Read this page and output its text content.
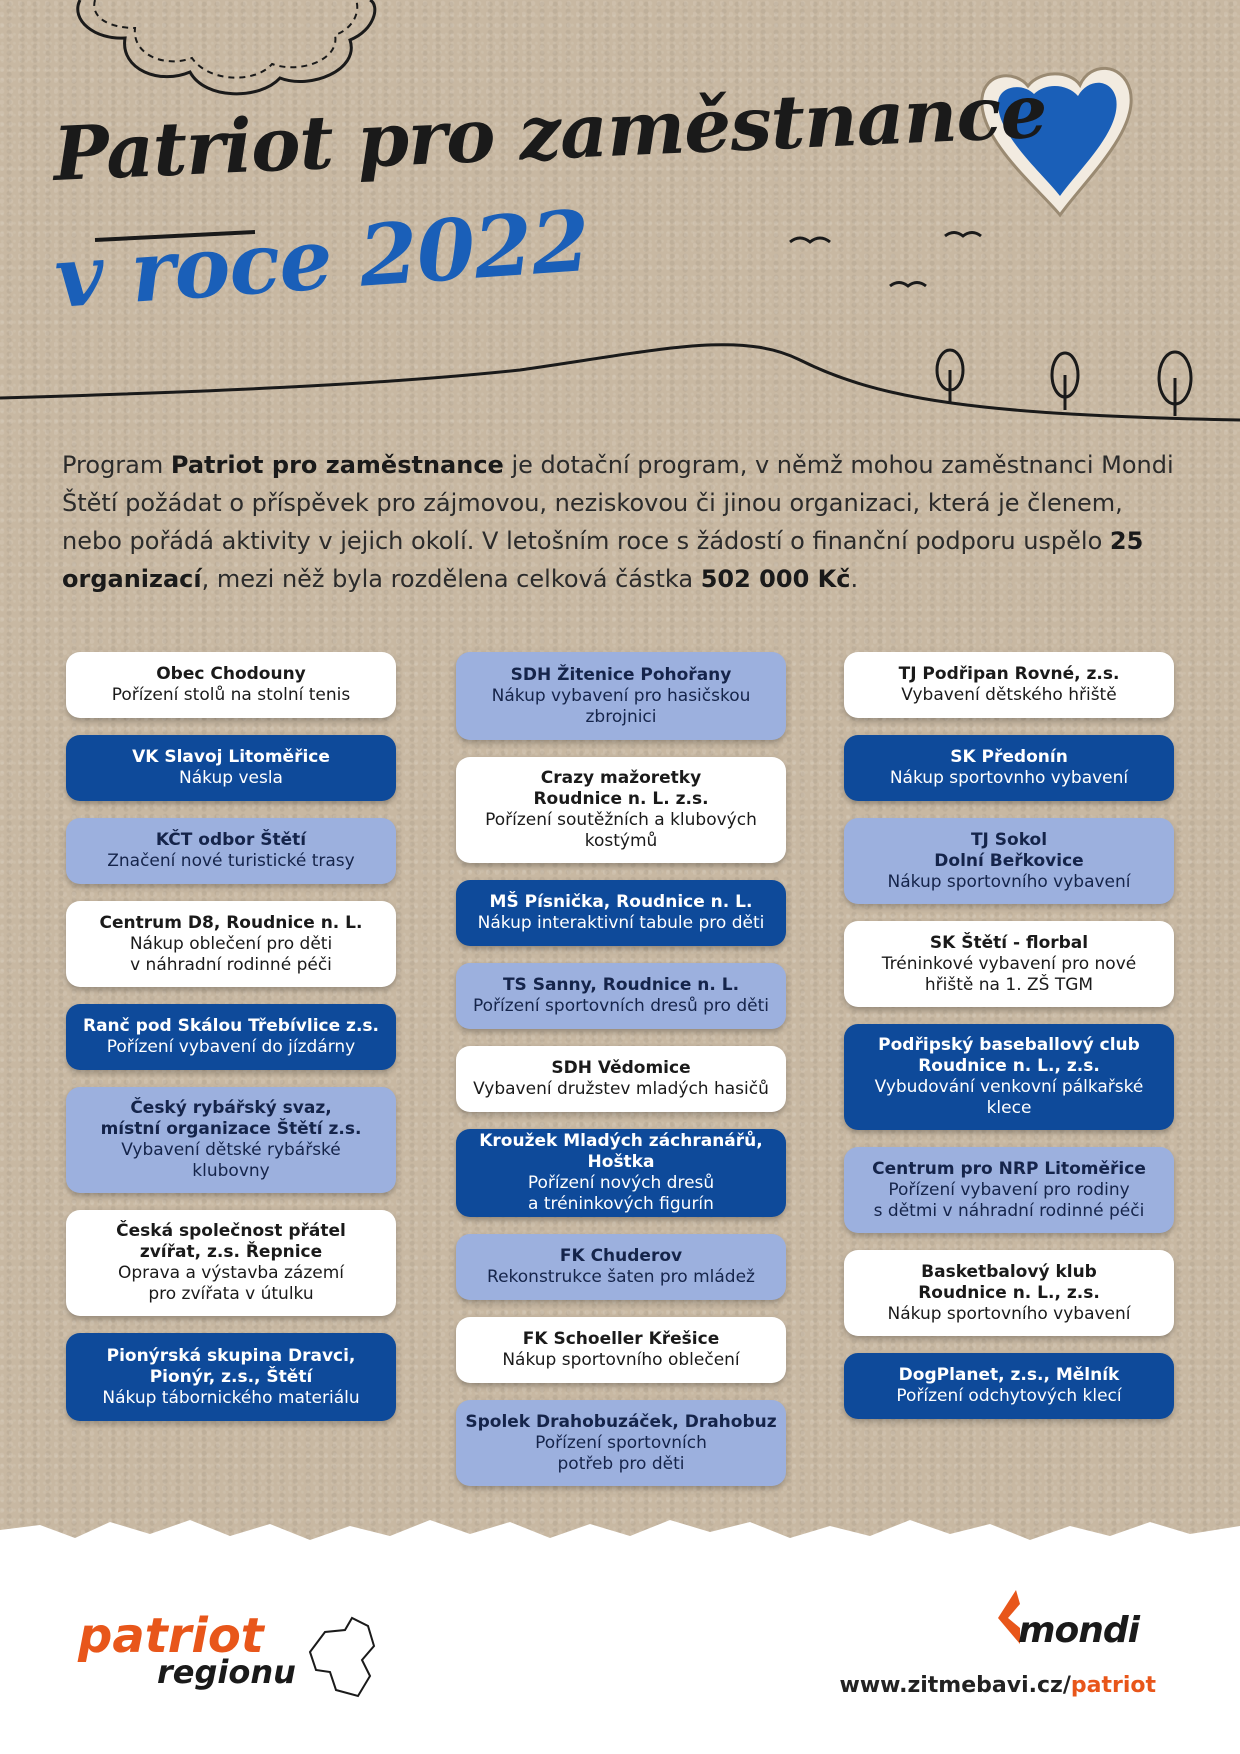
Patriot pro zaměstnance
v roce 2022

Program Patriot pro zaměstnance je dotační program, v němž mohou zaměstnanci Mondi Štětí požádat o příspěvek pro zájmovou, neziskovou či jinou organizaci, která je členem, nebo pořádá aktivity v jejich okolí. V letošním roce s žádostí o finanční podporu uspělo 25 organizací, mezi něž byla rozdělena celková částka 502 000 Kč.

Obec Chodouny
Pořízení stolů na stolní tenis
VK Slavoj Litoměřice
Nákup vesla
KČT odbor Štětí
Značení nové turistické trasy
Centrum D8, Roudnice n. L.
Nákup oblečení pro děti
v náhradní rodinné péči
Ranč pod Skálou Třebívlice z.s.
Pořízení vybavení do jízdárny
Český rybářský svaz,
místní organizace Štětí z.s.
Vybavení dětské rybářské
klubovny
Česká společnost přátel
zvířat, z.s. Řepnice
Oprava a výstavba zázemí
pro zvířata v útulku
Pionýrská skupina Dravci,
Pionýr, z.s., Štětí
Nákup tábornického materiálu
SDH Žitenice Pohořany
Nákup vybavení pro hasičskou
zbrojnici
Crazy mažoretky
Roudnice n. L. z.s.
Pořízení soutěžních a klubových
kostýmů
MŠ Písnička, Roudnice n. L.
Nákup interaktivní tabule pro děti
TS Sanny, Roudnice n. L.
Pořízení sportovních dresů pro děti
SDH Vědomice
Vybavení družstev mladých hasičů
Kroužek Mladých záchranářů, Hoštka
Pořízení nových dresů
a tréninkových figurín
FK Chuderov
Rekonstrukce šaten pro mládež
FK Schoeller Křešice
Nákup sportovního oblečení
Spolek Drahobuzáček, Drahobuz
Pořízení sportovních
potřeb pro děti
TJ Podřipan Rovné, z.s.
Vybavení dětského hřiště
SK Předonín
Nákup sportovnho vybavení
TJ Sokol
Dolní Beřkovice
Nákup sportovního vybavení
SK Štětí - florbal
Tréninkové vybavení pro nové
hřiště na 1. ZŠ TGM
Podřipský baseballový club
Roudnice n. L., z.s.
Vybudování venkovní pálkařské
klece
Centrum pro NRP Litoměřice
Pořízení vybavení pro rodiny
s dětmi v náhradní rodinné péči
Basketbalový klub
Roudnice n. L., z.s.
Nákup sportovního vybavení
DogPlanet, z.s., Mělník
Pořízení odchytových klecí
patriot
regionu
mondi

www.zitmebavi.cz/patriot
